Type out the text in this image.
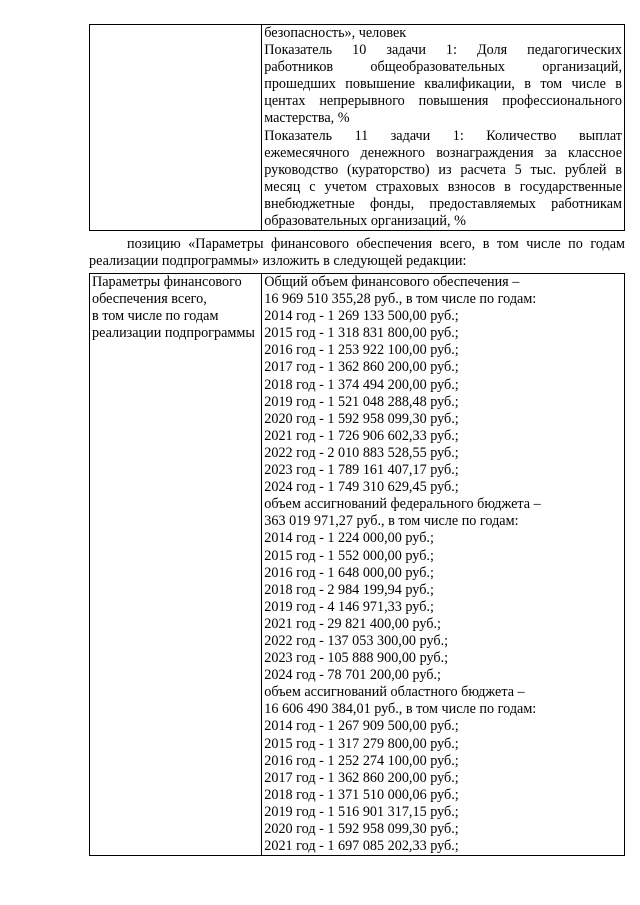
безопасность», человек
Показатель 10 задачи 1: Доля педагогических
работников общеобразовательных организаций,
прошедших повышение квалификации, в том числе в
центах непрерывного повышения профессионального
мастерства, %
Показатель 11 задачи 1: Количество выплат
ежемесячного денежного вознаграждения за классное
руководство (кураторство) из расчета 5 тыс. рублей в
месяц с учетом страховых взносов в государственные
внебюджетные фонды, предоставляемых работникам
образовательных организаций, %
позицию «Параметры финансового обеспечения всего, в том числе по годам
реализации подпрограммы» изложить в следующей редакции:
Параметры финансового
обеспечения всего,
в том числе по годам
реализации подпрограммы

Общий объем финансового обеспечения –
16 969 510 355,28 руб., в том числе по годам:
2014 год - 1 269 133 500,00 руб.;
2015 год - 1 318 831 800,00 руб.;
2016 год - 1 253 922 100,00 руб.;
2017 год - 1 362 860 200,00 руб.;
2018 год - 1 374 494 200,00 руб.;
2019 год - 1 521 048 288,48 руб.;
2020 год - 1 592 958 099,30 руб.;
2021 год - 1 726 906 602,33 руб.;
2022 год - 2 010 883 528,55 руб.;
2023 год - 1 789 161 407,17 руб.;
2024 год - 1 749 310 629,45 руб.;
объем ассигнований федерального бюджета –
363 019 971,27 руб., в том числе по годам:
2014 год - 1 224 000,00 руб.;
2015 год - 1 552 000,00 руб.;
2016 год - 1 648 000,00 руб.;
2018 год - 2 984 199,94 руб.;
2019 год - 4 146 971,33 руб.;
2021 год - 29 821 400,00 руб.;
2022 год - 137 053 300,00 руб.;
2023 год - 105 888 900,00 руб.;
2024 год - 78 701 200,00 руб.;
объем ассигнований областного бюджета –
16 606 490 384,01 руб., в том числе по годам:
2014 год - 1 267 909 500,00 руб.;
2015 год - 1 317 279 800,00 руб.;
2016 год - 1 252 274 100,00 руб.;
2017 год - 1 362 860 200,00 руб.;
2018 год - 1 371 510 000,06 руб.;
2019 год - 1 516 901 317,15 руб.;
2020 год - 1 592 958 099,30 руб.;
2021 год - 1 697 085 202,33 руб.;
